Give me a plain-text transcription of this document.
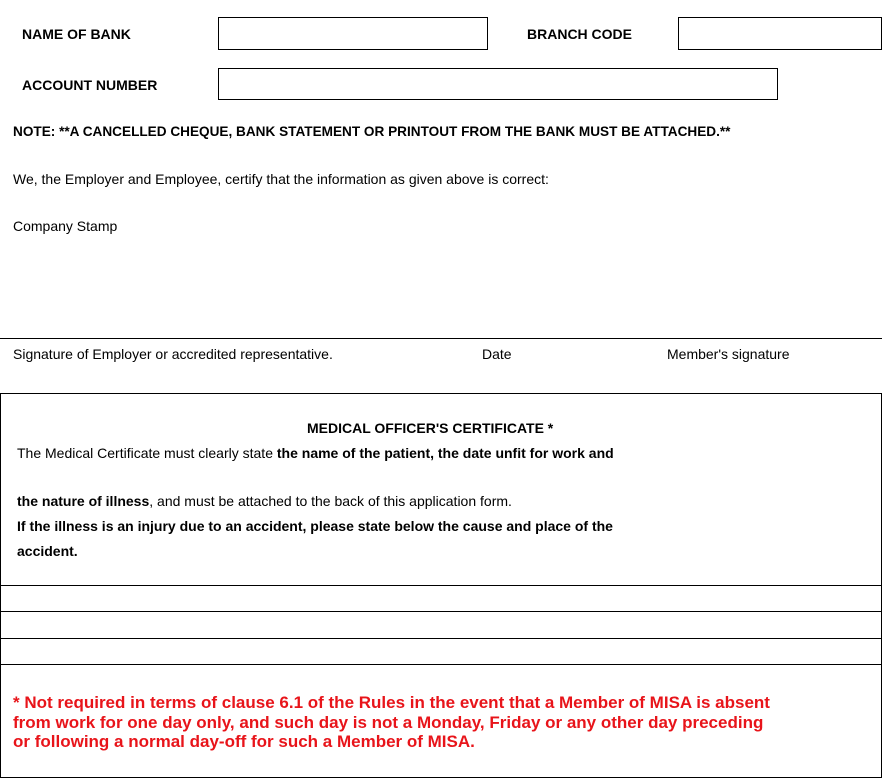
NAME OF BANK	BRANCH CODE
ACCOUNT NUMBER
NOTE: **A CANCELLED CHEQUE, BANK STATEMENT OR PRINTOUT FROM THE BANK MUST BE ATTACHED.**
We, the Employer and Employee, certify that the information as given above is correct:
Company Stamp
Signature of Employer or accredited representative.	Date	Member's signature
MEDICAL OFFICER'S CERTIFICATE *
The Medical Certificate must clearly state the name of the patient, the date unfit for work and
the nature of illness, and must be attached to the back of this application form.
If the illness is an injury due to an accident, please state below the cause and place of the
accident.
* Not required in terms of clause 6.1 of the Rules in the event that a Member of MISA is absent
from work for one day only, and such day is not a Monday, Friday or any other day preceding
or following a normal day-off for such a Member of MISA.
